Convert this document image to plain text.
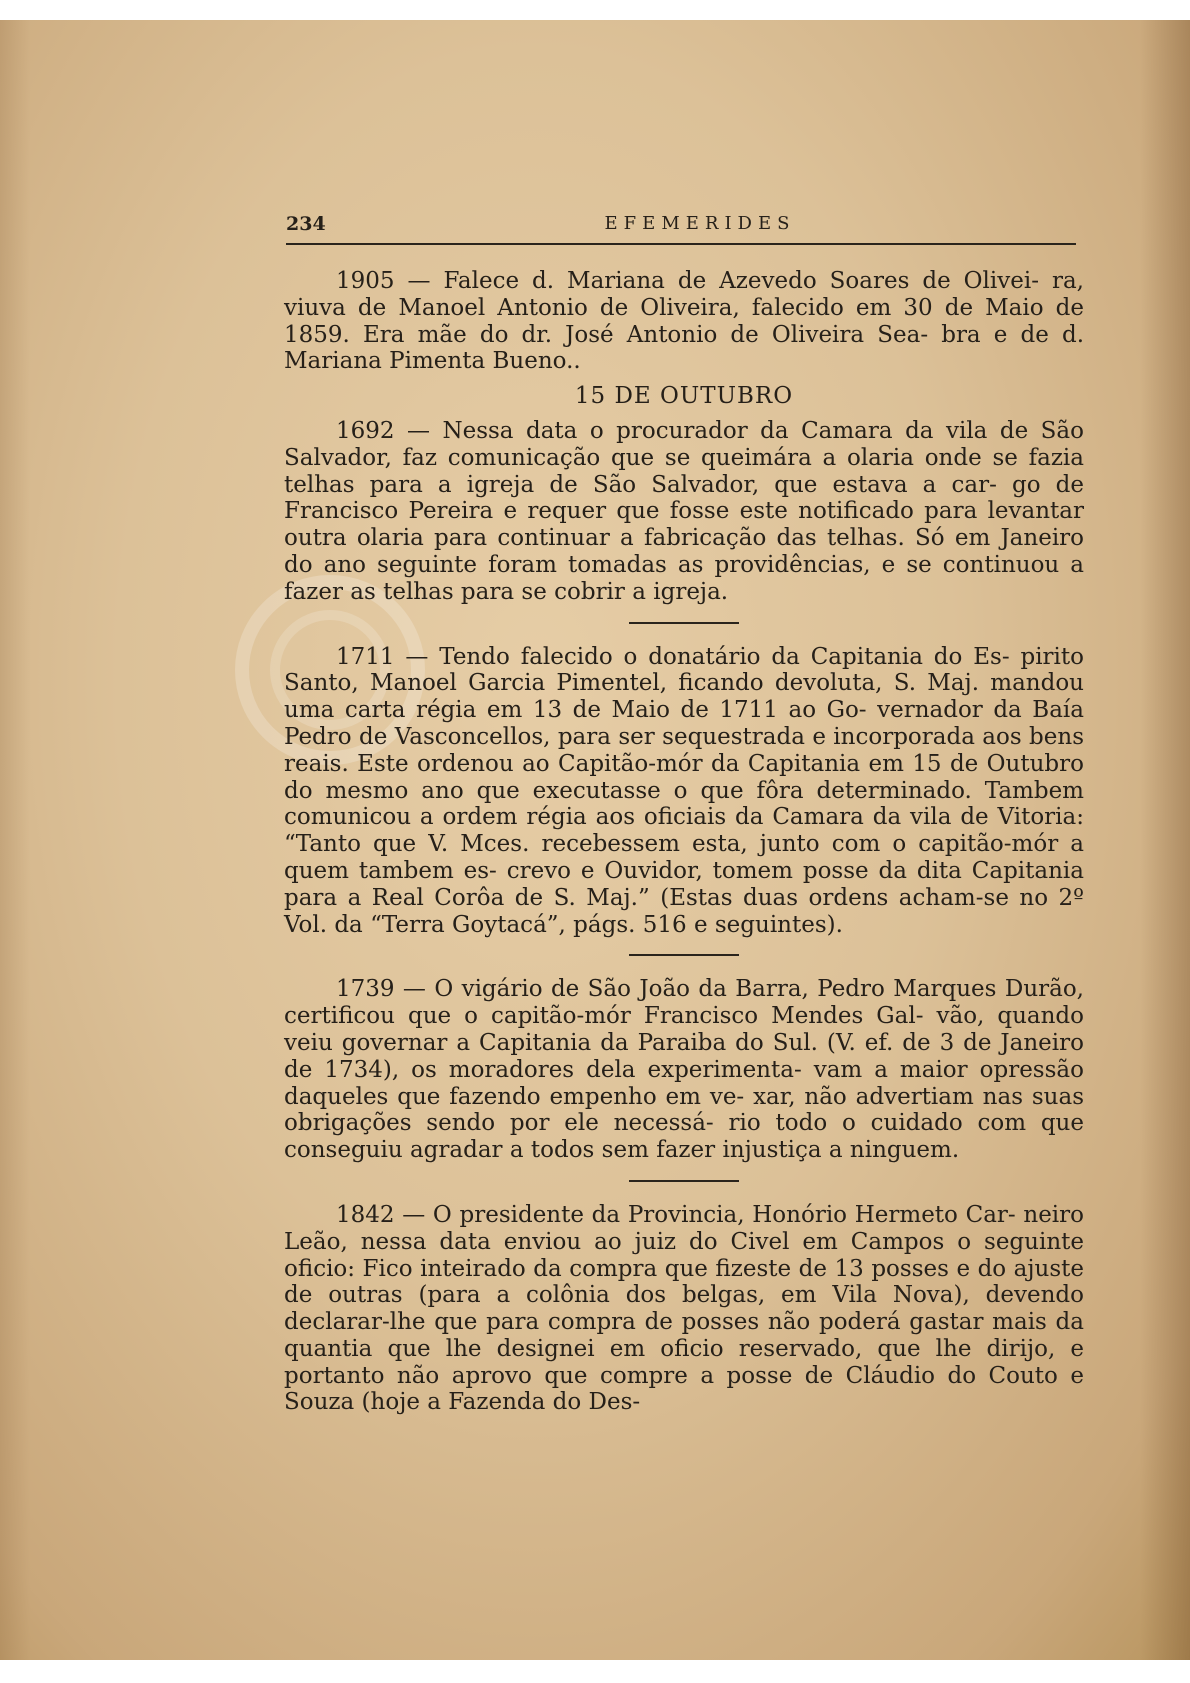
234	EFEMERIDES

1905 — Falece d. Mariana de Azevedo Soares de Olivei- ra, viuva de Manoel Antonio de Oliveira, falecido em 30 de Maio de 1859. Era mãe do dr. José Antonio de Oliveira Sea- bra e de d. Mariana Pimenta Bueno..

15 DE OUTUBRO

1692 — Nessa data o procurador da Camara da vila de São Salvador, faz comunicação que se queimára a olaria onde se fazia telhas para a igreja de São Salvador, que estava a car- go de Francisco Pereira e requer que fosse este notificado para levantar outra olaria para continuar a fabricação das telhas. Só em Janeiro do ano seguinte foram tomadas as providências, e se continuou a fazer as telhas para se cobrir a igreja.

1711 — Tendo falecido o donatário da Capitania do Es- pirito Santo, Manoel Garcia Pimentel, ficando devoluta, S. Maj. mandou uma carta régia em 13 de Maio de 1711 ao Go- vernador da Baía Pedro de Vasconcellos, para ser sequestrada e incorporada aos bens reais. Este ordenou ao Capitão-mór da Capitania em 15 de Outubro do mesmo ano que executasse o que fôra determinado. Tambem comunicou a ordem régia aos oficiais da Camara da vila de Vitoria: “Tanto que V. Mces. recebessem esta, junto com o capitão-mór a quem tambem es- crevo e Ouvidor, tomem posse da dita Capitania para a Real Corôa de S. Maj.” (Estas duas ordens acham-se no 2º Vol. da “Terra Goytacá”, págs. 516 e seguintes).

1739 — O vigário de São João da Barra, Pedro Marques Durão, certificou que o capitão-mór Francisco Mendes Gal- vão, quando veiu governar a Capitania da Paraiba do Sul. (V. ef. de 3 de Janeiro de 1734), os moradores dela experimenta- vam a maior opressão daqueles que fazendo empenho em ve- xar, não advertiam nas suas obrigações sendo por ele necessá- rio todo o cuidado com que conseguiu agradar a todos sem fazer injustiça a ninguem.

1842 — O presidente da Provincia, Honório Hermeto Car- neiro Leão, nessa data enviou ao juiz do Civel em Campos o seguinte oficio: Fico inteirado da compra que fizeste de 13 posses e do ajuste de outras (para a colônia dos belgas, em Vila Nova), devendo declarar-lhe que para compra de posses não poderá gastar mais da quantia que lhe designei em oficio reservado, que lhe dirijo, e portanto não aprovo que compre a posse de Cláudio do Couto e Souza (hoje a Fazenda do Des-
